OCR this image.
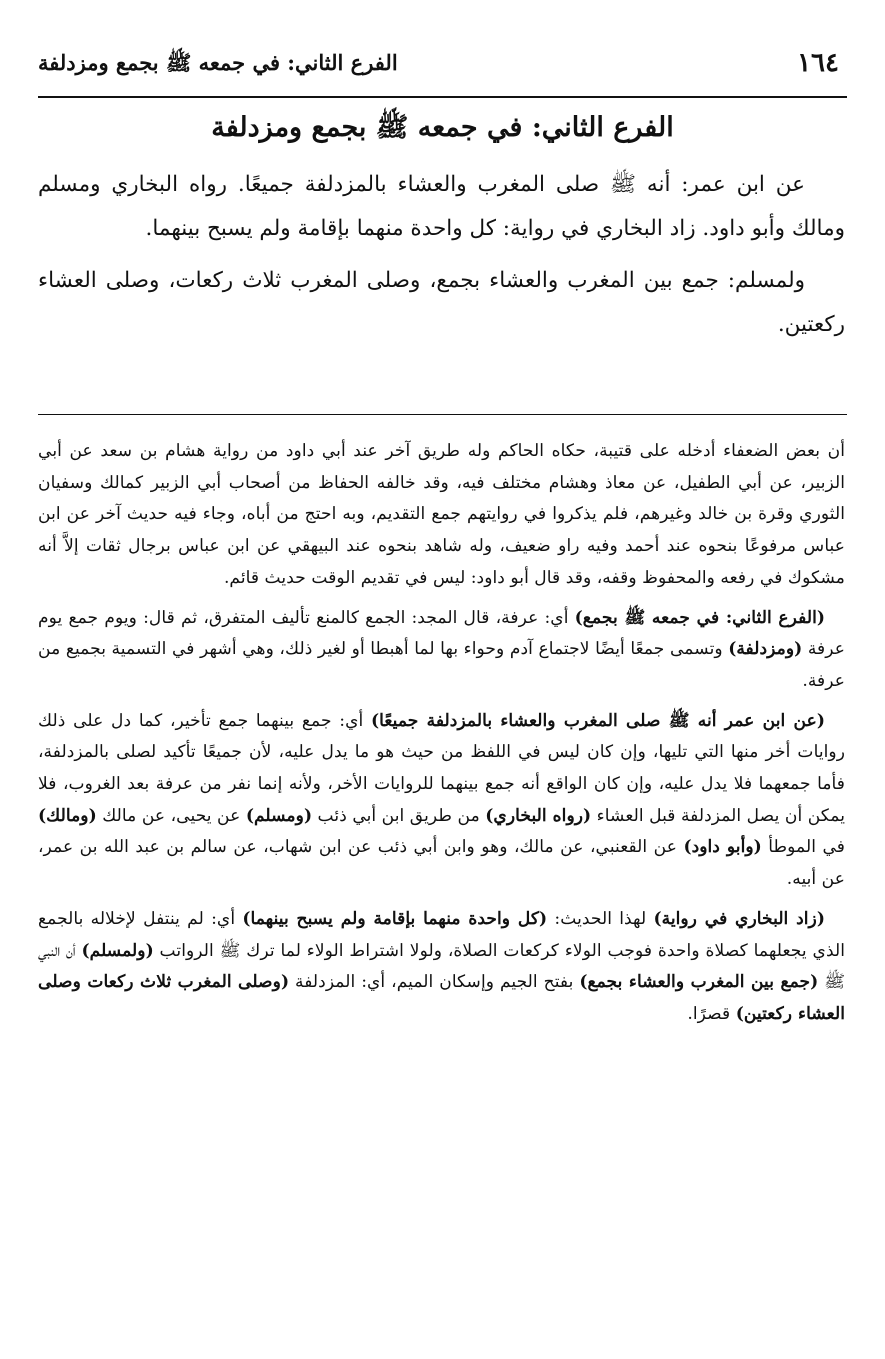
١٦٤
الفرع الثاني: في جمعه ﷺ بجمع ومزدلفة
الفرع الثاني: في جمعه ﷺ بجمع ومزدلفة

عن ابن عمر: أنه ﷺ صلى المغرب والعشاء بالمزدلفة جميعًا. رواه البخاري ومسلم ومالك وأبو داود. زاد البخاري في رواية: كل واحدة منهما بإقامة ولم يسبح بينهما.

ولمسلم: جمع بين المغرب والعشاء بجمع، وصلى المغرب ثلاث ركعات، وصلى العشاء ركعتين.

أن بعض الضعفاء أدخله على قتيبة، حكاه الحاكم وله طريق آخر عند أبي داود من رواية هشام بن سعد عن أبي الزبير، عن أبي الطفيل، عن معاذ وهشام مختلف فيه، وقد خالفه الحفاظ من أصحاب أبي الزبير كمالك وسفيان الثوري وقرة بن خالد وغيرهم، فلم يذكروا في روايتهم جمع التقديم، وبه احتج من أباه، وجاء فيه حديث آخر عن ابن عباس مرفوعًا بنحوه عند أحمد وفيه راو ضعيف، وله شاهد بنحوه عند البيهقي عن ابن عباس برجال ثقات إلاَّ أنه مشكوك في رفعه والمحفوظ وقفه، وقد قال أبو داود: ليس في تقديم الوقت حديث قائم.

(الفرع الثاني: في جمعه ﷺ بجمع) أي: عرفة، قال المجد: الجمع كالمنع تأليف المتفرق، ثم قال: ويوم جمع يوم عرفة (ومزدلفة) وتسمى جمعًا أيضًا لاجتماع آدم وحواء بها لما أهبطا أو لغير ذلك، وهي أشهر في التسمية بجميع من عرفة.

(عن ابن عمر أنه ﷺ صلى المغرب والعشاء بالمزدلفة جميعًا) أي: جمع بينهما جمع تأخير، كما دل على ذلك روايات أخر منها التي تليها، وإن كان ليس في اللفظ من حيث هو ما يدل عليه، لأن جميعًا تأكيد لصلى بالمزدلفة، فأما جمعهما فلا يدل عليه، وإن كان الواقع أنه جمع بينهما للروايات الأخر، ولأنه إنما نفر من عرفة بعد الغروب، فلا يمكن أن يصل المزدلفة قبل العشاء (رواه البخاري) من طريق ابن أبي ذئب (ومسلم) عن يحيى، عن مالك (ومالك) في الموطأ (وأبو داود) عن القعنبي، عن مالك، وهو وابن أبي ذئب عن ابن شهاب، عن سالم بن عبد الله بن عمر، عن أبيه.

(زاد البخاري في رواية) لهذا الحديث: (كل واحدة منهما بإقامة ولم يسبح بينهما) أي: لم ينتفل لإخلاله بالجمع الذي يجعلهما كصلاة واحدة فوجب الولاء كركعات الصلاة، ولولا اشتراط الولاء لما ترك ﷺ الرواتب (ولمسلم) أن النبي ﷺ (جمع بين المغرب والعشاء بجمع) بفتح الجيم وإسكان الميم، أي: المزدلفة (وصلى المغرب ثلاث ركعات وصلى العشاء ركعتين) قصرًا.
